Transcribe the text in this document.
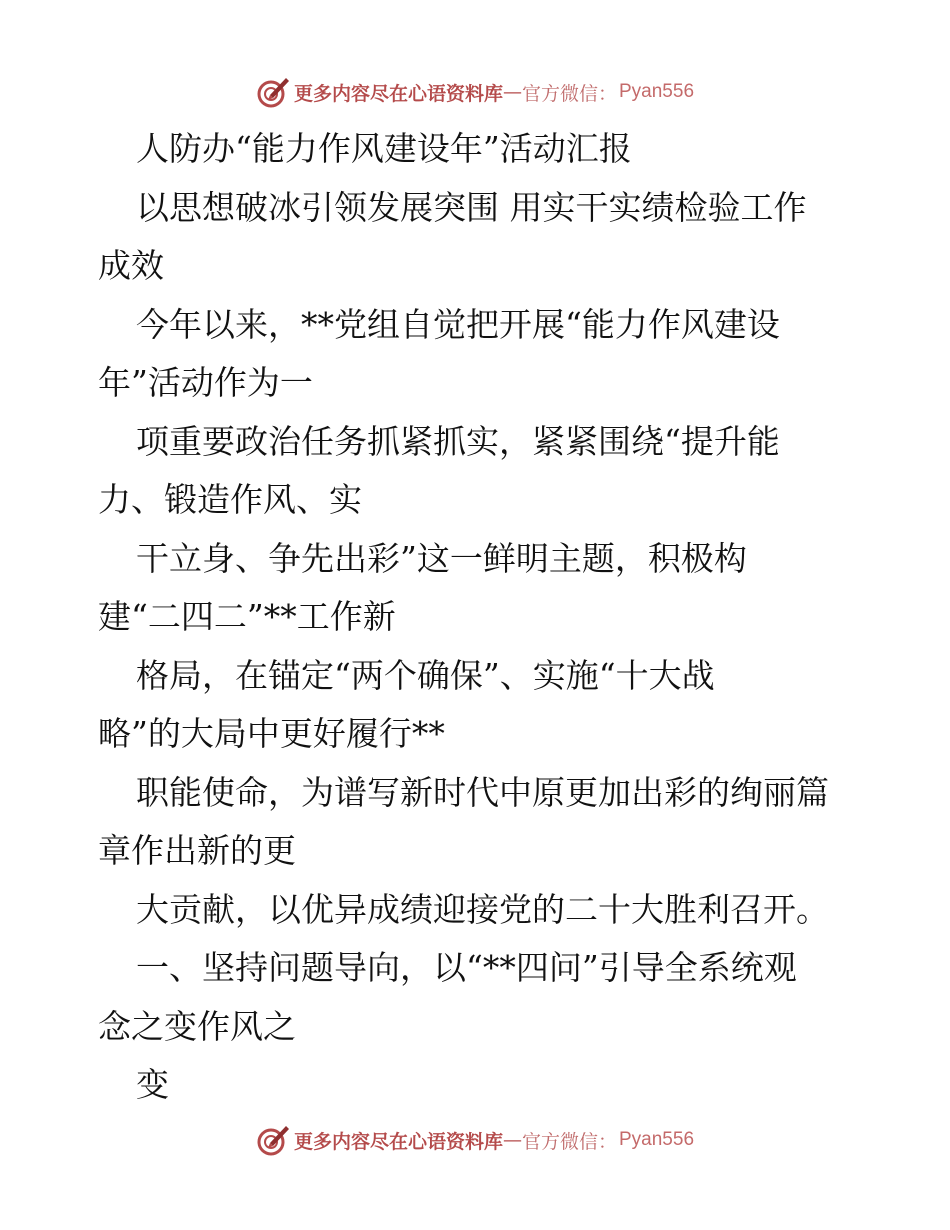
更多内容尽在心语资料库 — 官方微信： Pyan556
人防办“能力作风建设年”活动汇报
以思想破冰引领发展突围 用实干实绩检验工作
成效
今年以来，**党组自觉把开展“能力作风建设
年”活动作为一
项重要政治任务抓紧抓实，紧紧围绕“提升能
力、锻造作风、实
干立身、争先出彩”这一鲜明主题，积极构
建“二四二”**工作新
格局，在锚定“两个确保”、实施“十大战
略”的大局中更好履行**
职能使命，为谱写新时代中原更加出彩的绚丽篇
章作出新的更
大贡献，以优异成绩迎接党的二十大胜利召开。
一、坚持问题导向，以“**四问”引导全系统观
念之变作风之
变
更多内容尽在心语资料库 — 官方微信： Pyan556
